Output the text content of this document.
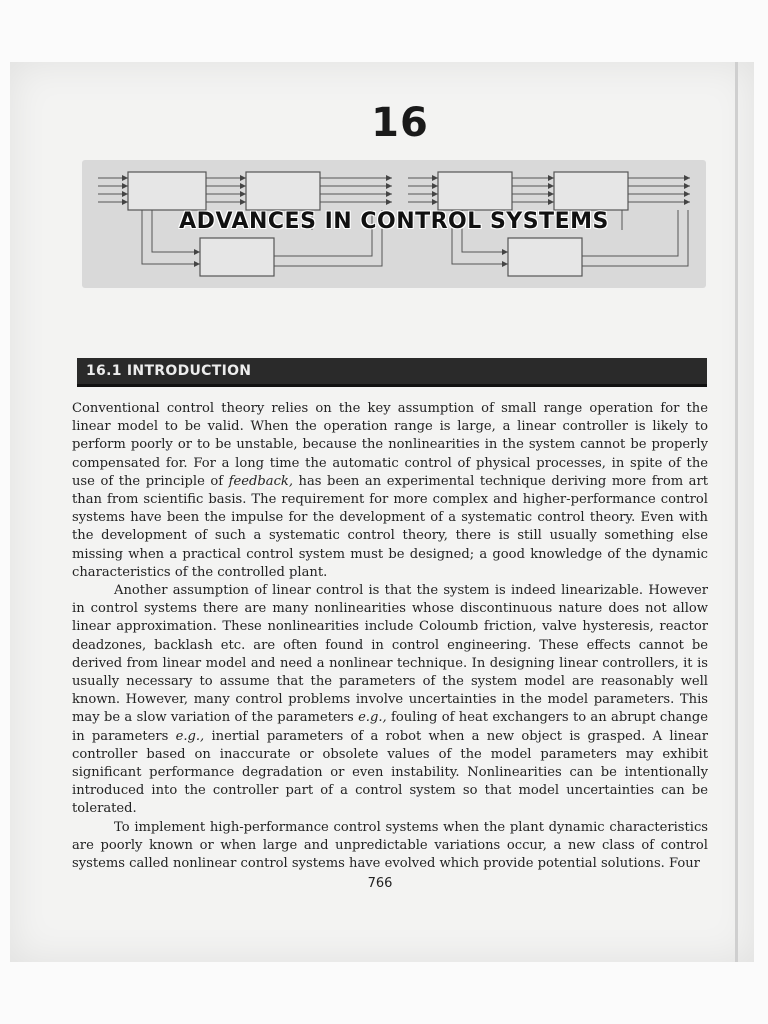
16
ADVANCES IN CONTROL SYSTEMS
16.1 INTRODUCTION

Conventional control theory relies on the key assumption of small range operation for the linear model to be valid. When the operation range is large, a linear controller is likely to perform poorly or to be unstable, because the nonlinearities in the system cannot be properly compensated for. For a long time the automatic control of physical processes, in spite of the use of the principle of feedback, has been an experimental technique deriving more from art than from scientific basis. The requirement for more complex and higher-performance control systems have been the impulse for the development of a systematic control theory. Even with the development of such a systematic control theory, there is still usually something else missing when a practical control system must be designed; a good knowledge of the dynamic characteristics of the controlled plant.

Another assumption of linear control is that the system is indeed linearizable. However in control systems there are many nonlinearities whose discontinuous nature does not allow linear approximation. These nonlinearities include Coloumb friction, valve hysteresis, reactor deadzones, backlash etc. are often found in control engineering. These effects cannot be derived from linear model and need a nonlinear technique. In designing linear controllers, it is usually necessary to assume that the parameters of the system model are reasonably well known. However, many control problems involve uncertainties in the model parameters. This may be a slow variation of the parameters e.g., fouling of heat exchangers to an abrupt change in parameters e.g., inertial parameters of a robot when a new object is grasped. A linear controller based on inaccurate or obsolete values of the model parameters may exhibit significant performance degradation or even instability. Nonlinearities can be intentionally introduced into the controller part of a control system so that model uncertainties can be tolerated.

To implement high-performance control systems when the plant dynamic characteristics are poorly known or when large and unpredictable variations occur, a new class of control systems called nonlinear control systems have evolved which provide potential solutions. Four

766
